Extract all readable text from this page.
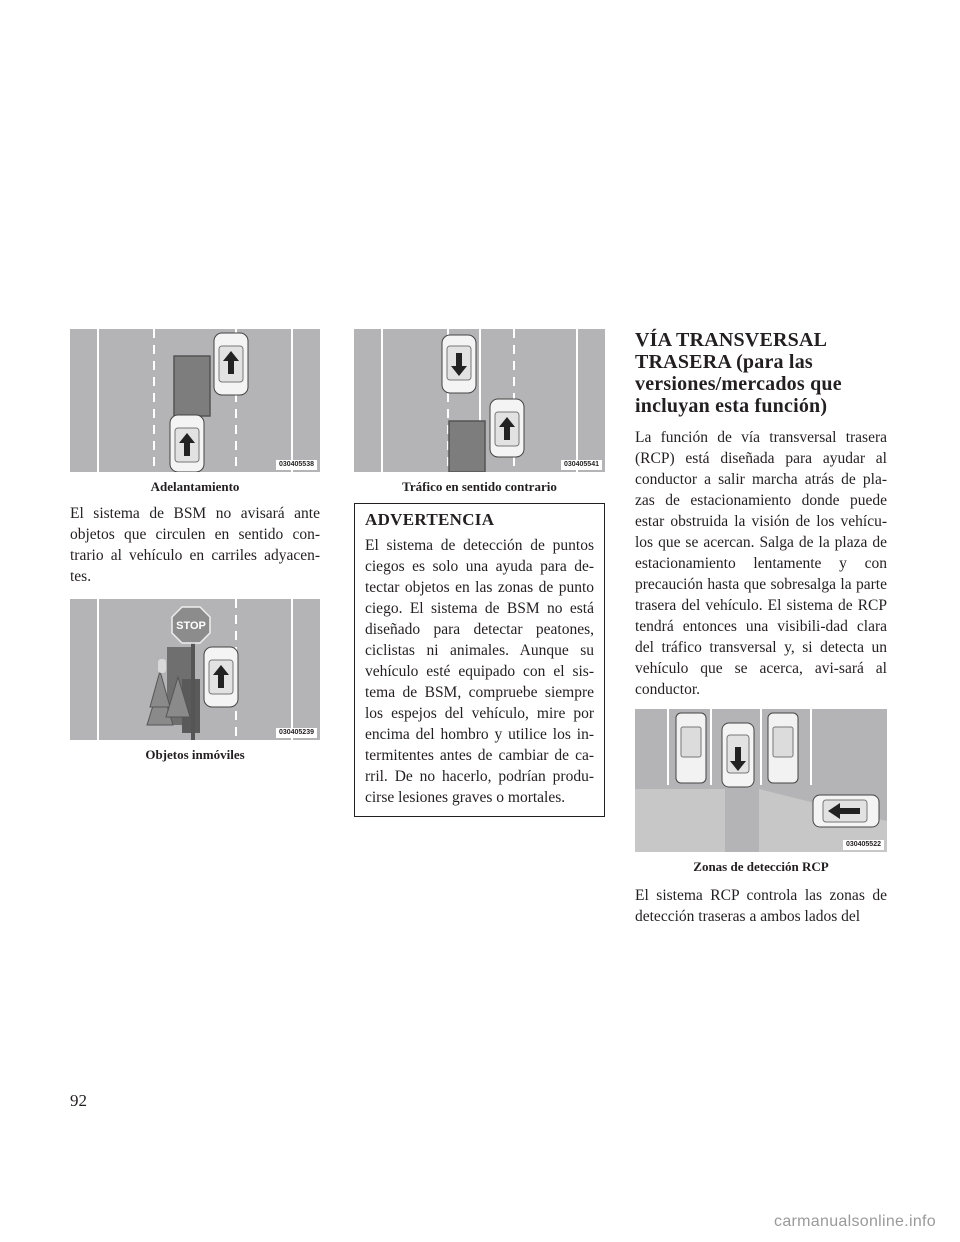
030405538
Adelantamiento

El sistema de BSM no avisará ante objetos que circulen en sentido con-trario al vehículo en carriles adyacen-tes.

STOP
030405239
Objetos inmóviles
030405541
Tráfico en sentido contrario
ADVERTENCIA

El sistema de detección de puntos ciegos es solo una ayuda para de-tectar objetos en las zonas de punto ciego. El sistema de BSM no está diseñado para detectar peatones, ciclistas ni animales. Aunque su vehículo esté equipado con el sis-tema de BSM, compruebe siempre los espejos del vehículo, mire por encima del hombro y utilice los in-termitentes antes de cambiar de ca-rril. De no hacerlo, podrían produ-cirse lesiones graves o mortales.

VÍA TRANSVERSAL TRASERA (para las versiones/mercados que incluyan esta función)

La función de vía transversal trasera (RCP) está diseñada para ayudar al conductor a salir marcha atrás de pla-zas de estacionamiento donde puede estar obstruida la visión de los vehícu-los que se acercan. Salga de la plaza de estacionamiento lentamente y con precaución hasta que sobresalga la parte trasera del vehículo. El sistema de RCP tendrá entonces una visibili-dad clara del tráfico transversal y, si detecta un vehículo que se acerca, avi-sará al conductor.

030405522
Zonas de detección RCP

El sistema RCP controla las zonas de detección traseras a ambos lados del

92
carmanualsonline.info
